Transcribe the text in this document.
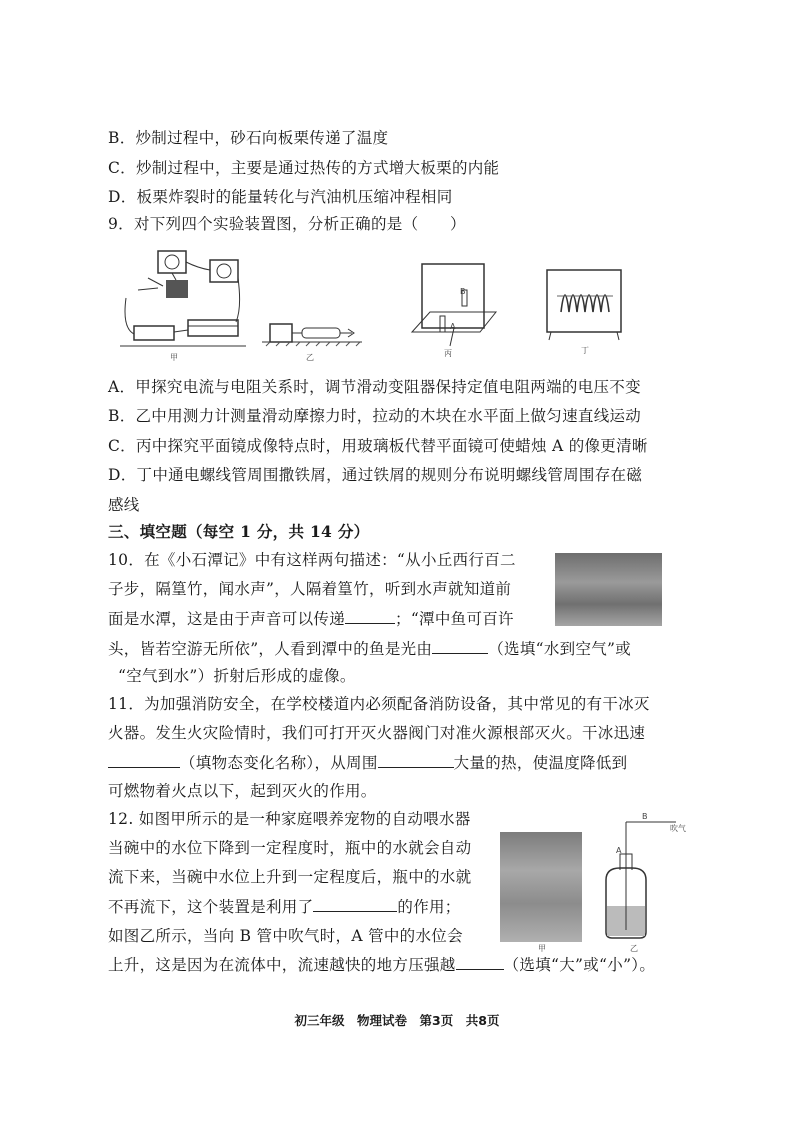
B．炒制过程中，砂石向板栗传递了温度
C．炒制过程中，主要是通过热传的方式增大板栗的内能
D．板栗炸裂时的能量转化与汽油机压缩冲程相同
9．对下列四个实验装置图，分析正确的是（　　）
甲	乙
B
A
丙	丁
A．甲探究电流与电阻关系时，调节滑动变阻器保持定值电阻两端的电压不变
B．乙中用测力计测量滑动摩擦力时，拉动的木块在水平面上做匀速直线运动
C．丙中探究平面镜成像特点时，用玻璃板代替平面镜可使蜡烛 A 的像更清晰
D．丁中通电螺线管周围撒铁屑，通过铁屑的规则分布说明螺线管周围存在磁
感线
三、填空题（每空 1 分，共 14 分）
10．在《小石潭记》中有这样两句描述：“从小丘西行百二
子步，隔篁竹，闻水声”，人隔着篁竹，听到水声就知道前
面是水潭，这是由于声音可以传递	；“潭中鱼可百许
头，皆若空游无所依”，人看到潭中的鱼是光由	（选填“水到空气”或
“空气到水”）折射后形成的虚像。
11．为加强消防安全，在学校楼道内必须配备消防设备，其中常见的有干冰灭
火器。发生火灾险情时，我们可打开灭火器阀门对准火源根部灭火。干冰迅速
（填物态变化名称），从周围	大量的热，使温度降低到
可燃物着火点以下，起到灭火的作用。
12. 如图甲所示的是一种家庭喂养宠物的自动喂水器
当碗中的水位下降到一定程度时，瓶中的水就会自动
流下来，当碗中水位上升到一定程度后，瓶中的水就
不再流下，这个装置是利用了	的作用；
如图乙所示，当向 B 管中吹气时，A 管中的水位会
上升，这是因为在流体中，流速越快的地方压强越	（选填“大”或“小”）。
甲
B
A
吹气
乙
初三年级　物理试卷　第3页　共8页
